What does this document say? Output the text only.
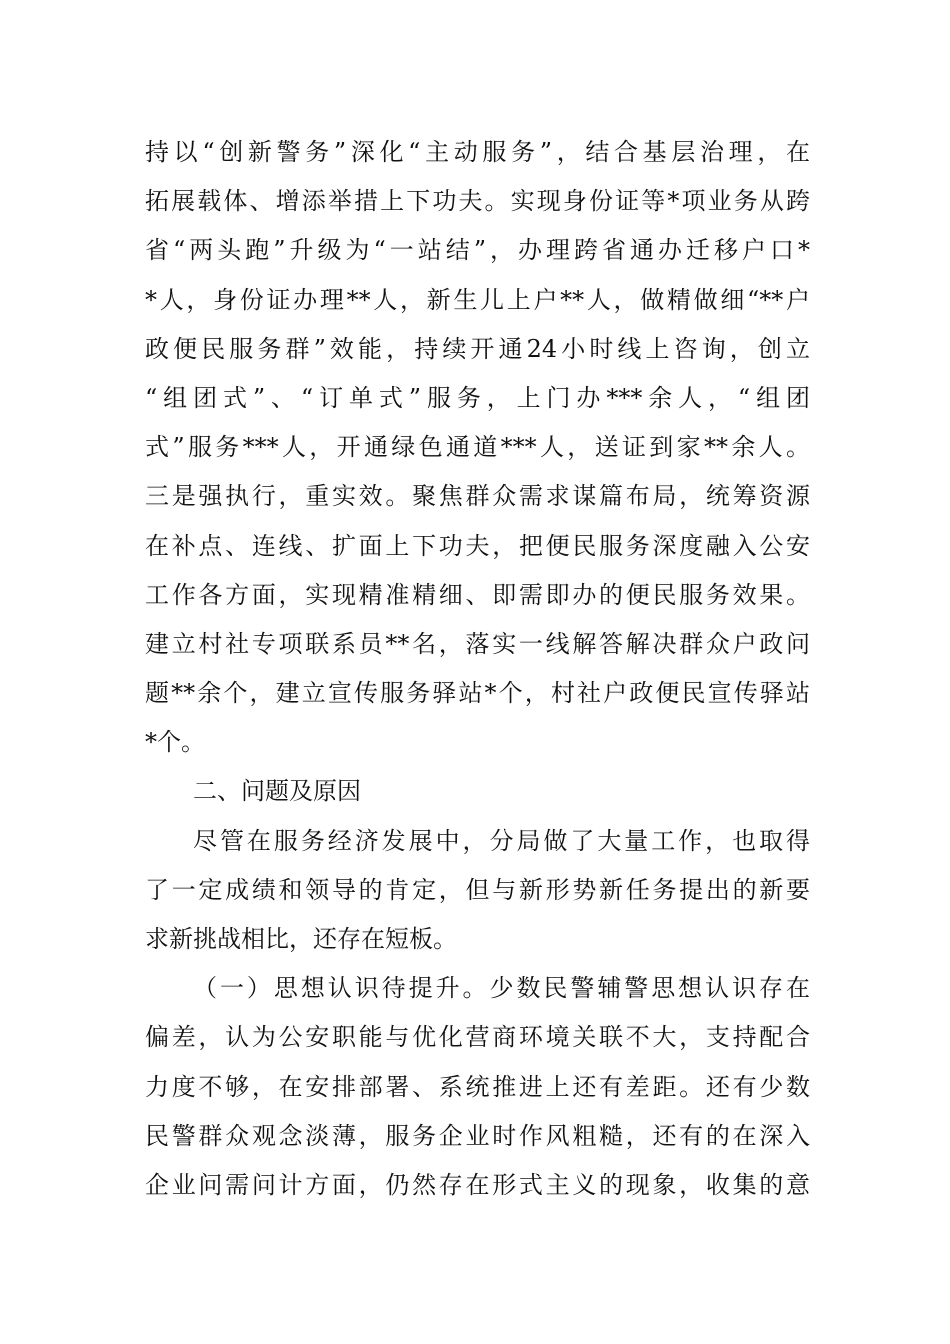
持以“创新警务”深化“主动服务”，结合基层治理，在
拓展载体、增添举措上下功夫。实现身份证等*项业务从跨
省“两头跑”升级为“一站结”，办理跨省通办迁移户口*
*人，身份证办理**人，新生儿上户**人，做精做细“**户
政便民服务群”效能，持续开通24小时线上咨询，创立
“组团式”、“订单式”服务，上门办***余人，“组团
式”服务***人，开通绿色通道***人，送证到家**余人。
三是强执行，重实效。聚焦群众需求谋篇布局，统筹资源
在补点、连线、扩面上下功夫，把便民服务深度融入公安
工作各方面，实现精准精细、即需即办的便民服务效果。
建立村社专项联系员**名，落实一线解答解决群众户政问
题**余个，建立宣传服务驿站*个，村社户政便民宣传驿站
*个。
二、问题及原因
尽管在服务经济发展中，分局做了大量工作，也取得
了一定成绩和领导的肯定，但与新形势新任务提出的新要
求新挑战相比，还存在短板。
（一）思想认识待提升。少数民警辅警思想认识存在
偏差，认为公安职能与优化营商环境关联不大，支持配合
力度不够，在安排部署、系统推进上还有差距。还有少数
民警群众观念淡薄，服务企业时作风粗糙，还有的在深入
企业问需问计方面，仍然存在形式主义的现象，收集的意
